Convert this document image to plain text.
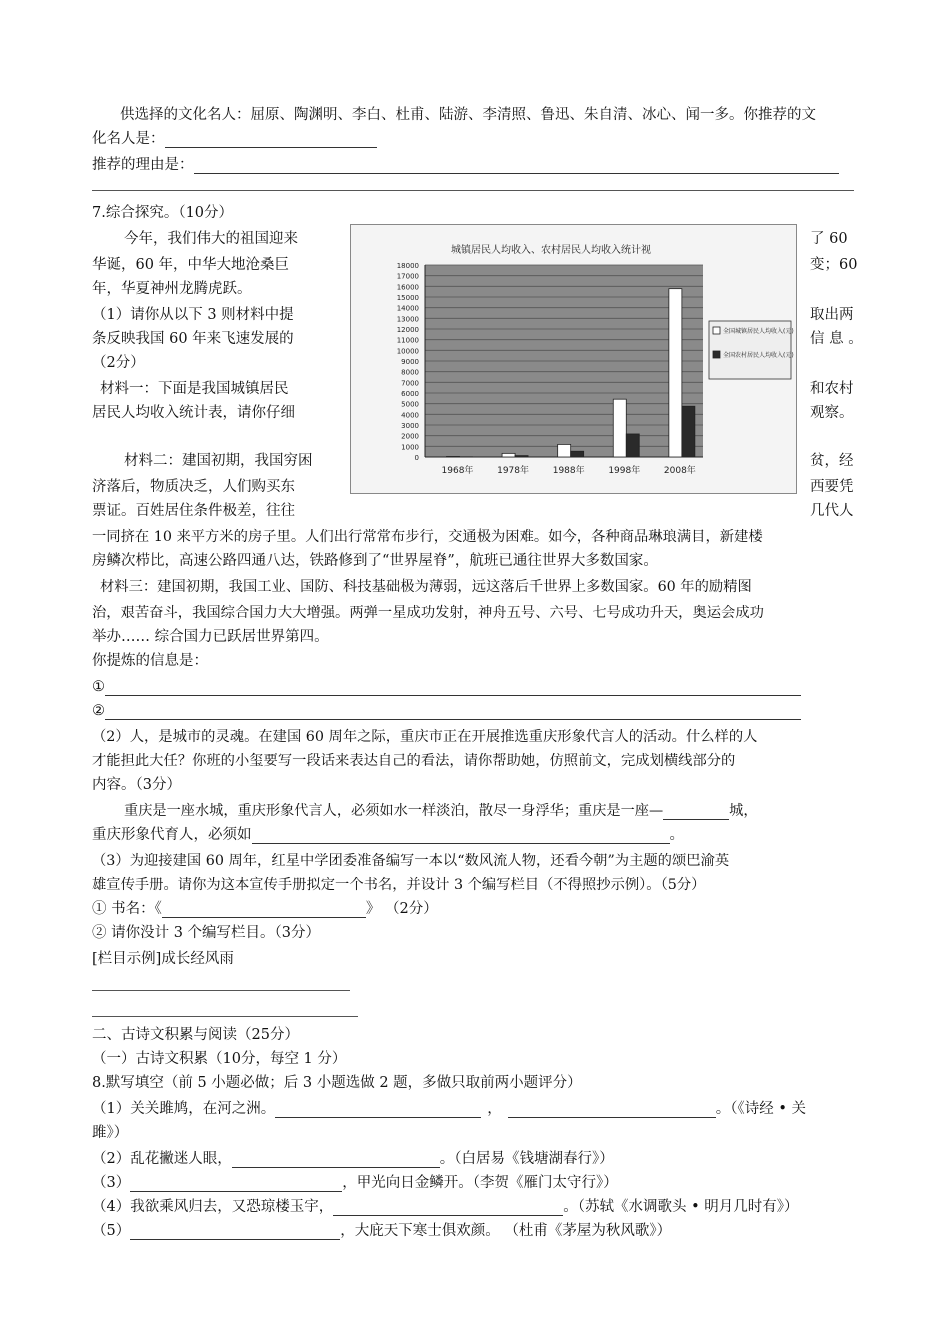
供选择的文化名人：屈原、陶渊明、李白、杜甫、陆游、李清照、鲁迅、朱自清、冰心、闻一多。你推荐的文
化名人是：
推荐的理由是：
7.综合探究。（10分）
今年，我们伟大的祖国迎来	了 60
华诞，60 年，中华大地沧桑巨	变；60
年，华夏神州龙腾虎跃。
（1）请你从以下 3 则材料中提	取出两
条反映我国 60 年来飞速发展的	信 息 。
（2分）
材料一：下面是我国城镇居民	和农村
居民人均收入统计表，请你仔细	观察。
材料二：建国初期，我国穷困	贫，经
济落后，物质决乏，人们购买东	西要凭
票证。百姓居住条件极差，往往	几代人
一同挤在 10 来平方米的房子里。人们出行常常布步行，交通极为困难。如今，各种商品琳琅满目，新建楼
房鳞次栉比，高速公路四通八达，铁路修到了“世界屋脊”，航班已通往世界大多数国家。
材料三：建国初期，我国工业、国防、科技基础极为薄弱，远这落后千世界上多数国家。60 年的励精图
治，艰苦奋斗，我国综合国力大大增强。两弹一星成功发射，神舟五号、六号、七号成功升天，奥运会成功
举办…… 综合国力已跃居世界第四。
你提炼的信息是：
①
②
（2）人，是城市的灵魂。在建国 60 周年之际，重庆市正在开展推选重庆形象代言人的活动。什么样的人
才能担此大任？你班的小玺要写一段话来表达自己的看法，请你帮助她，仿照前文，完成划横线部分的
内容。（3分）
重庆是一座水城，重庆形象代言人，必须如水一样淡泊，散尽一身浮华；重庆是一座—	城，
重庆形象代育人，必须如	。
（3）为迎接建国 60 周年，红星中学团委准备编写一本以“数风流人物，还看今朝”为主题的颂巴渝英
雄宣传手册。请你为这本宣传手册拟定一个书名，并设计 3 个编写栏目（不得照抄示例）。（5分）
① 书名：《	》 （2分）
② 请你没计 3 个编写栏目。（3分）
[栏目示例]成长经风雨
二、古诗文积累与阅读（25分）
（一）古诗文积累（10分，每空 1 分）
8.默写填空（前 5 小题必做；后 3 小题选做 2 题，多做只取前两小题评分）
（1）关关雎鸠，在河之洲。	，	。（《诗经 • 关
雎》）
（2）乱花撇迷人眼，	。（白居易《钱塘湖春行》）
（3）	，甲光向日金鳞开。（李贺《雁门太守行》）
（4）我欲乘风归去，又恐琼楼玉宇，	。（苏轼《水调歌头 • 明月几时有》）
（5）	，大庇天下寒士俱欢颜。 （杜甫《茅屋为秋风歌》）
城镇居民人均收入、农村居民人均收入统计视
0
1000
2000
3000
4000
5000
6000
7000
8000
9000
10000
11000
12000
13000
14000
15000
16000
17000
18000
1968年	1978年	1988年	1998年	2008年
全国城镇居民人均收入(元)
全国农村居民人均收入(元)
